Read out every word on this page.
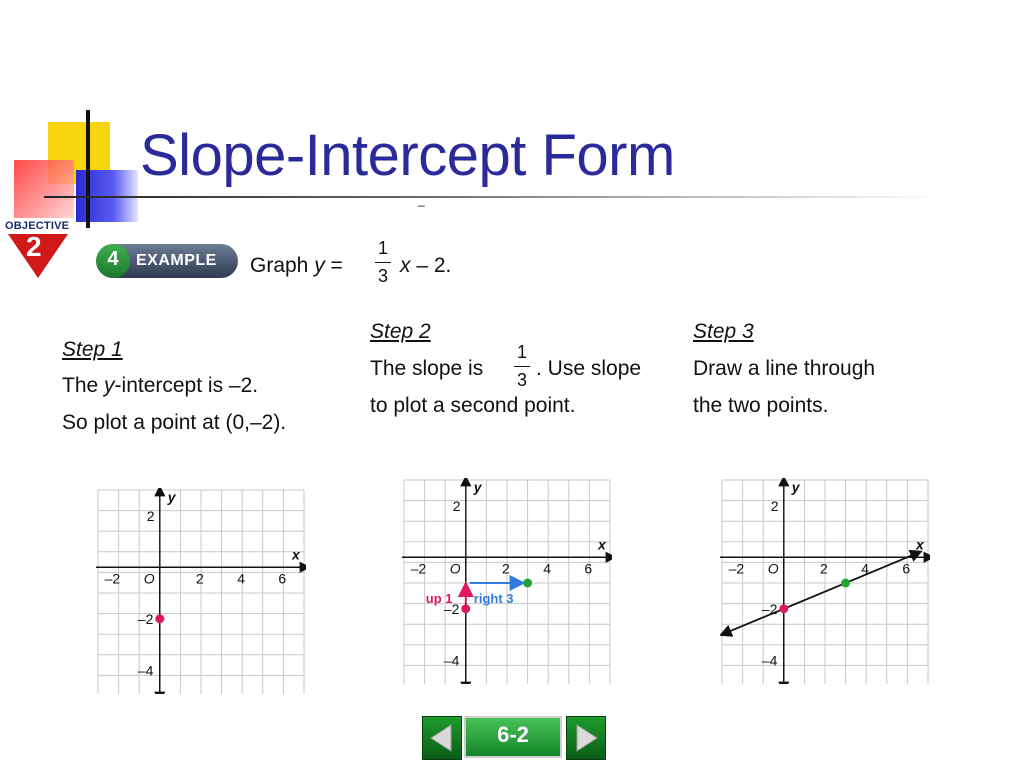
Slope-Intercept Form
–
OBJECTIVE
2	4	EXAMPLE Graph y =
1
3 x – 2.
Step 1
The y-intercept is –2.
So plot a point at (0,–2).
Step 2
The slope is
1
3 . Use slope
to plot a second point.
Step 3
Draw a line through
the two points.
x
y
O
–2	2 4 6
2
–2
–4
x
y
O
–2	2 4 6
2
–2
–4
up 1 right 3
x
y
O
–2	2 4 6
2
–2
–4
6-2
